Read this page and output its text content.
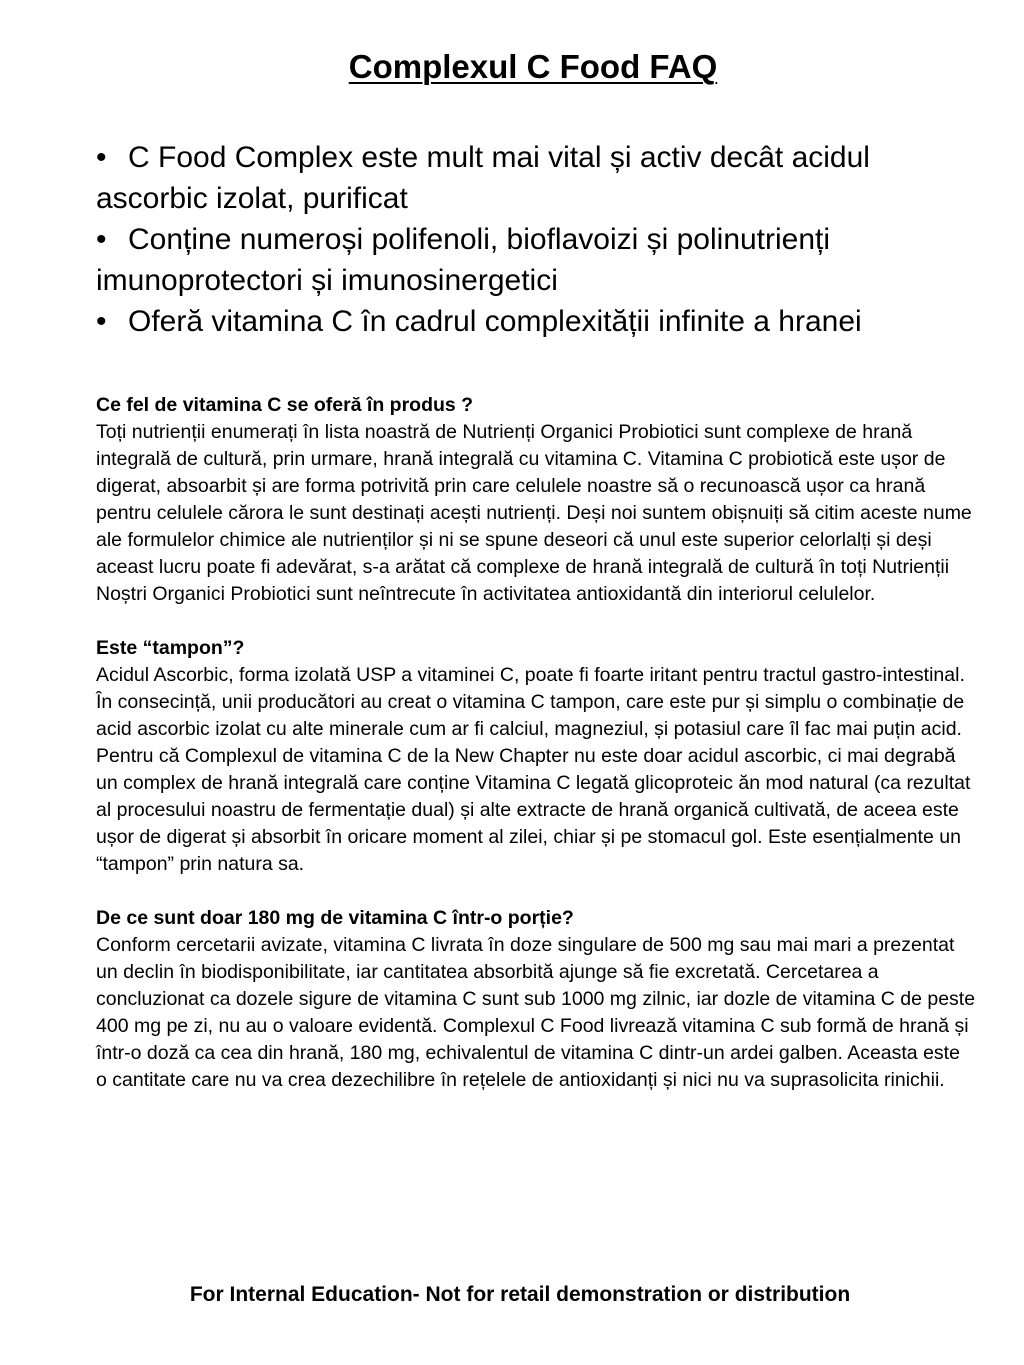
Complexul C Food FAQ
• C Food Complex este mult mai vital și activ decât acidul ascorbic izolat, purificat
• Conține numeroși polifenoli, bioflavoizi și polinutrienți imunoprotectori și imunosinergetici
• Oferă vitamina C în cadrul complexității infinite a hranei

Ce fel de vitamina C se oferă în produs ?

Toți nutrienții enumerați în lista noastră de Nutrienți Organici Probiotici sunt complexe de hrană integrală de cultură, prin urmare, hrană integrală cu vitamina C. Vitamina C probiotică este ușor de digerat, absoarbit și are forma potrivită prin care celulele noastre să o recunoască ușor ca hrană pentru celulele cărora le sunt destinați acești nutrienți. Deși noi suntem obișnuiți să citim aceste nume ale formulelor chimice ale nutrienților și ni se spune deseori că unul este superior celorlalți și deși aceast lucru poate fi adevărat, s-a arătat că complexe de hrană integrală de cultură în toți Nutrienții Noștri Organici Probiotici sunt neîntrecute în activitatea antioxidantă din interiorul celulelor.

Este “tampon”?

Acidul Ascorbic, forma izolată USP a vitaminei C, poate fi foarte iritant pentru tractul gastro-intestinal. În consecință, unii producători au creat o vitamina C tampon, care este pur și simplu o combinație de acid ascorbic izolat cu alte minerale cum ar fi calciul, magneziul, și potasiul care îl fac mai puțin acid. Pentru că Complexul de vitamina C de la New Chapter nu este doar acidul ascorbic, ci mai degrabă un complex de hrană integrală care conține Vitamina C legată glicoproteic ăn mod natural (ca rezultat al procesului noastru de fermentație dual) și alte extracte de hrană organică cultivată, de aceea este ușor de digerat și absorbit în oricare moment al zilei, chiar și pe stomacul gol. Este esențialmente un “tampon” prin natura sa.

De ce sunt doar 180 mg de vitamina C într-o porție?

Conform cercetarii avizate, vitamina C livrata în doze singulare de 500 mg sau mai mari a prezentat un declin în biodisponibilitate, iar cantitatea absorbită ajunge să fie excretată. Cercetarea a concluzionat ca dozele sigure de vitamina C sunt sub 1000 mg zilnic, iar dozle de vitamina C de peste 400 mg pe zi, nu au o valoare evidentă. Complexul C Food livrează vitamina C sub formă de hrană și într-o doză ca cea din hrană, 180 mg, echivalentul de vitamina C dintr-un ardei galben. Aceasta este o cantitate care nu va crea dezechilibre în rețelele de antioxidanți și nici nu va suprasolicita rinichii.

For Internal Education- Not for retail demonstration or distribution
